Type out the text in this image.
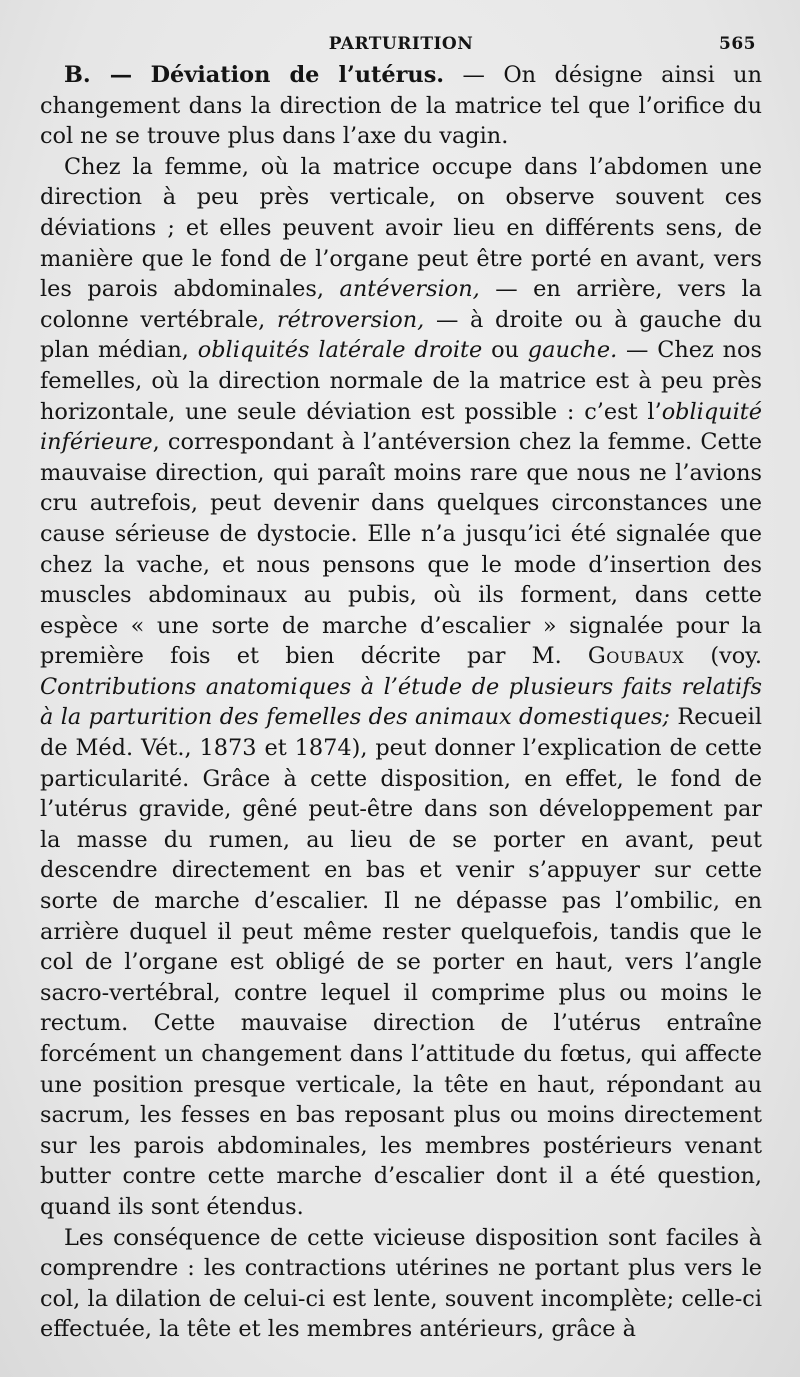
PARTURITION	565

B. — Déviation de l’utérus. — On désigne ainsi un changement dans la direction de la matrice tel que l’orifice du col ne se trouve plus dans l’axe du vagin.

Chez la femme, où la matrice occupe dans l’abdomen une direction à peu près verticale, on observe souvent ces déviations ; et elles peuvent avoir lieu en différents sens, de manière que le fond de l’organe peut être porté en avant, vers les parois abdominales, antéversion, — en arrière, vers la colonne vertébrale, rétroversion, — à droite ou à gauche du plan médian, obliquités latérale droite ou gauche. — Chez nos femelles, où la direction normale de la matrice est à peu près horizontale, une seule déviation est possible : c’est l’obliquité inférieure, correspondant à l’antéversion chez la femme. Cette mauvaise direction, qui paraît moins rare que nous ne l’avions cru autrefois, peut devenir dans quelques circonstances une cause sérieuse de dystocie. Elle n’a jusqu’ici été signalée que chez la vache, et nous pensons que le mode d’insertion des muscles abdominaux au pubis, où ils forment, dans cette espèce « une sorte de marche d’escalier » signalée pour la première fois et bien décrite par M. Goubaux (voy. Contributions anatomiques à l’étude de plusieurs faits relatifs à la parturition des femelles des animaux domestiques; Recueil de Méd. Vét., 1873 et 1874), peut donner l’explication de cette particularité. Grâce à cette disposition, en effet, le fond de l’utérus gravide, gêné peut-être dans son développement par la masse du rumen, au lieu de se porter en avant, peut descendre directement en bas et venir s’appuyer sur cette sorte de marche d’escalier. Il ne dépasse pas l’ombilic, en arrière duquel il peut même rester quelquefois, tandis que le col de l’organe est obligé de se porter en haut, vers l’angle sacro-vertébral, contre lequel il comprime plus ou moins le rectum. Cette mauvaise direction de l’utérus entraîne forcément un changement dans l’attitude du fœtus, qui affecte une position presque verticale, la tête en haut, répondant au sacrum, les fesses en bas reposant plus ou moins directement sur les parois abdominales, les membres postérieurs venant butter contre cette marche d’escalier dont il a été question, quand ils sont étendus.

Les conséquence de cette vicieuse disposition sont faciles à comprendre : les contractions utérines ne portant plus vers le col, la dilation de celui-ci est lente, souvent incomplète; celle-ci effectuée, la tête et les membres antérieurs, grâce à
